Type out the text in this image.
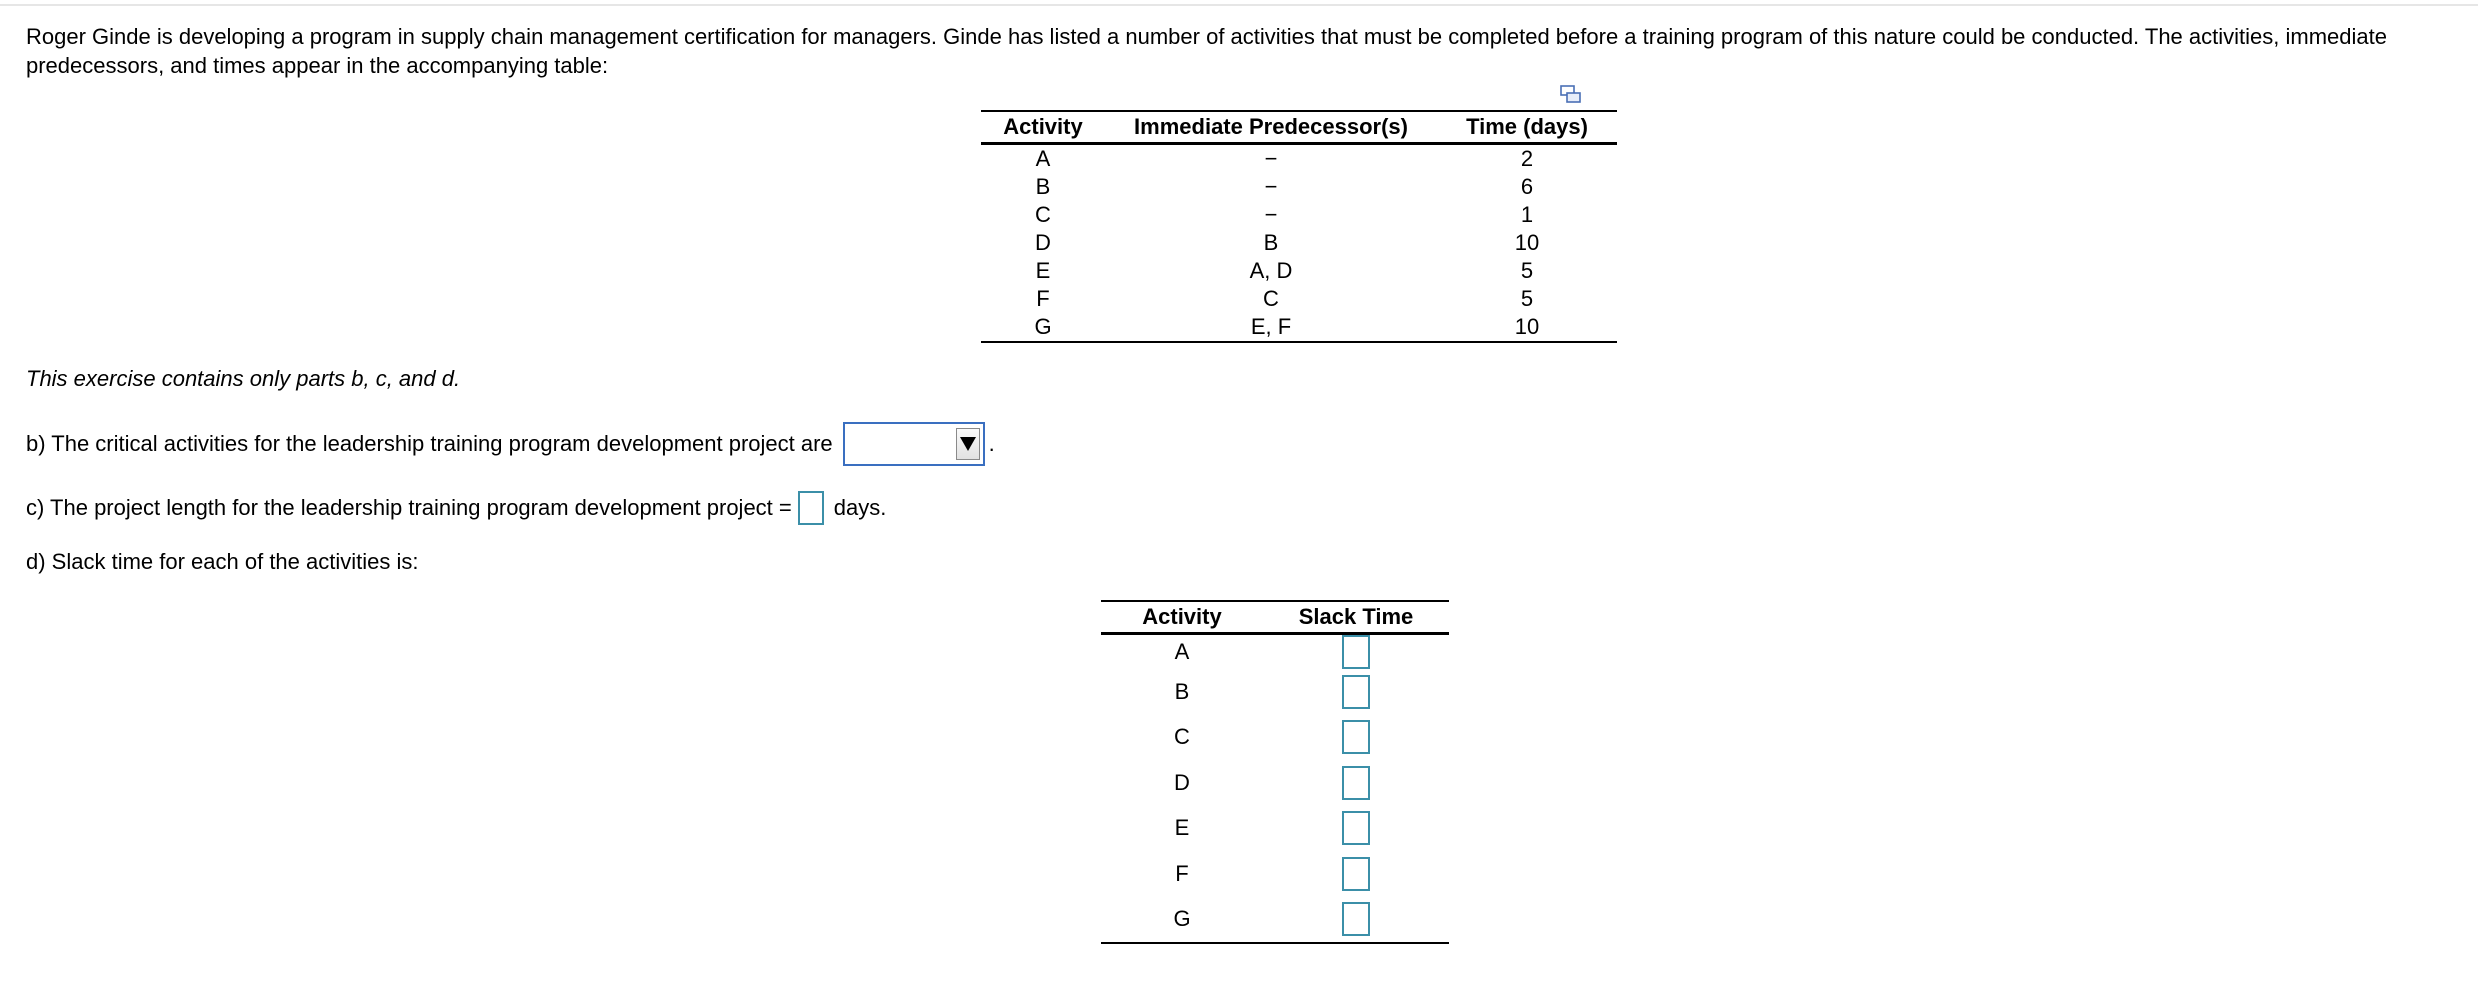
Roger Ginde is developing a program in supply chain management certification for managers. Ginde has listed a number of activities that must be completed before a training program of this nature could be conducted. The activities, immediate predecessors, and times appear in the accompanying table:

Activity	Immediate Predecessor(s)	Time (days)
A	−	2
B	−	6
C	−	1
D	B	10
E	A, D	5
F	C	5
G	E, F	10

This exercise contains only parts b, c, and d.

b) The critical activities for the leadership training program development project are	.
c) The project length for the leadership training program development project = days.

d) Slack time for each of the activities is:

Activity	Slack Time
A	
B	
C	
D	
E	
F	
G	
